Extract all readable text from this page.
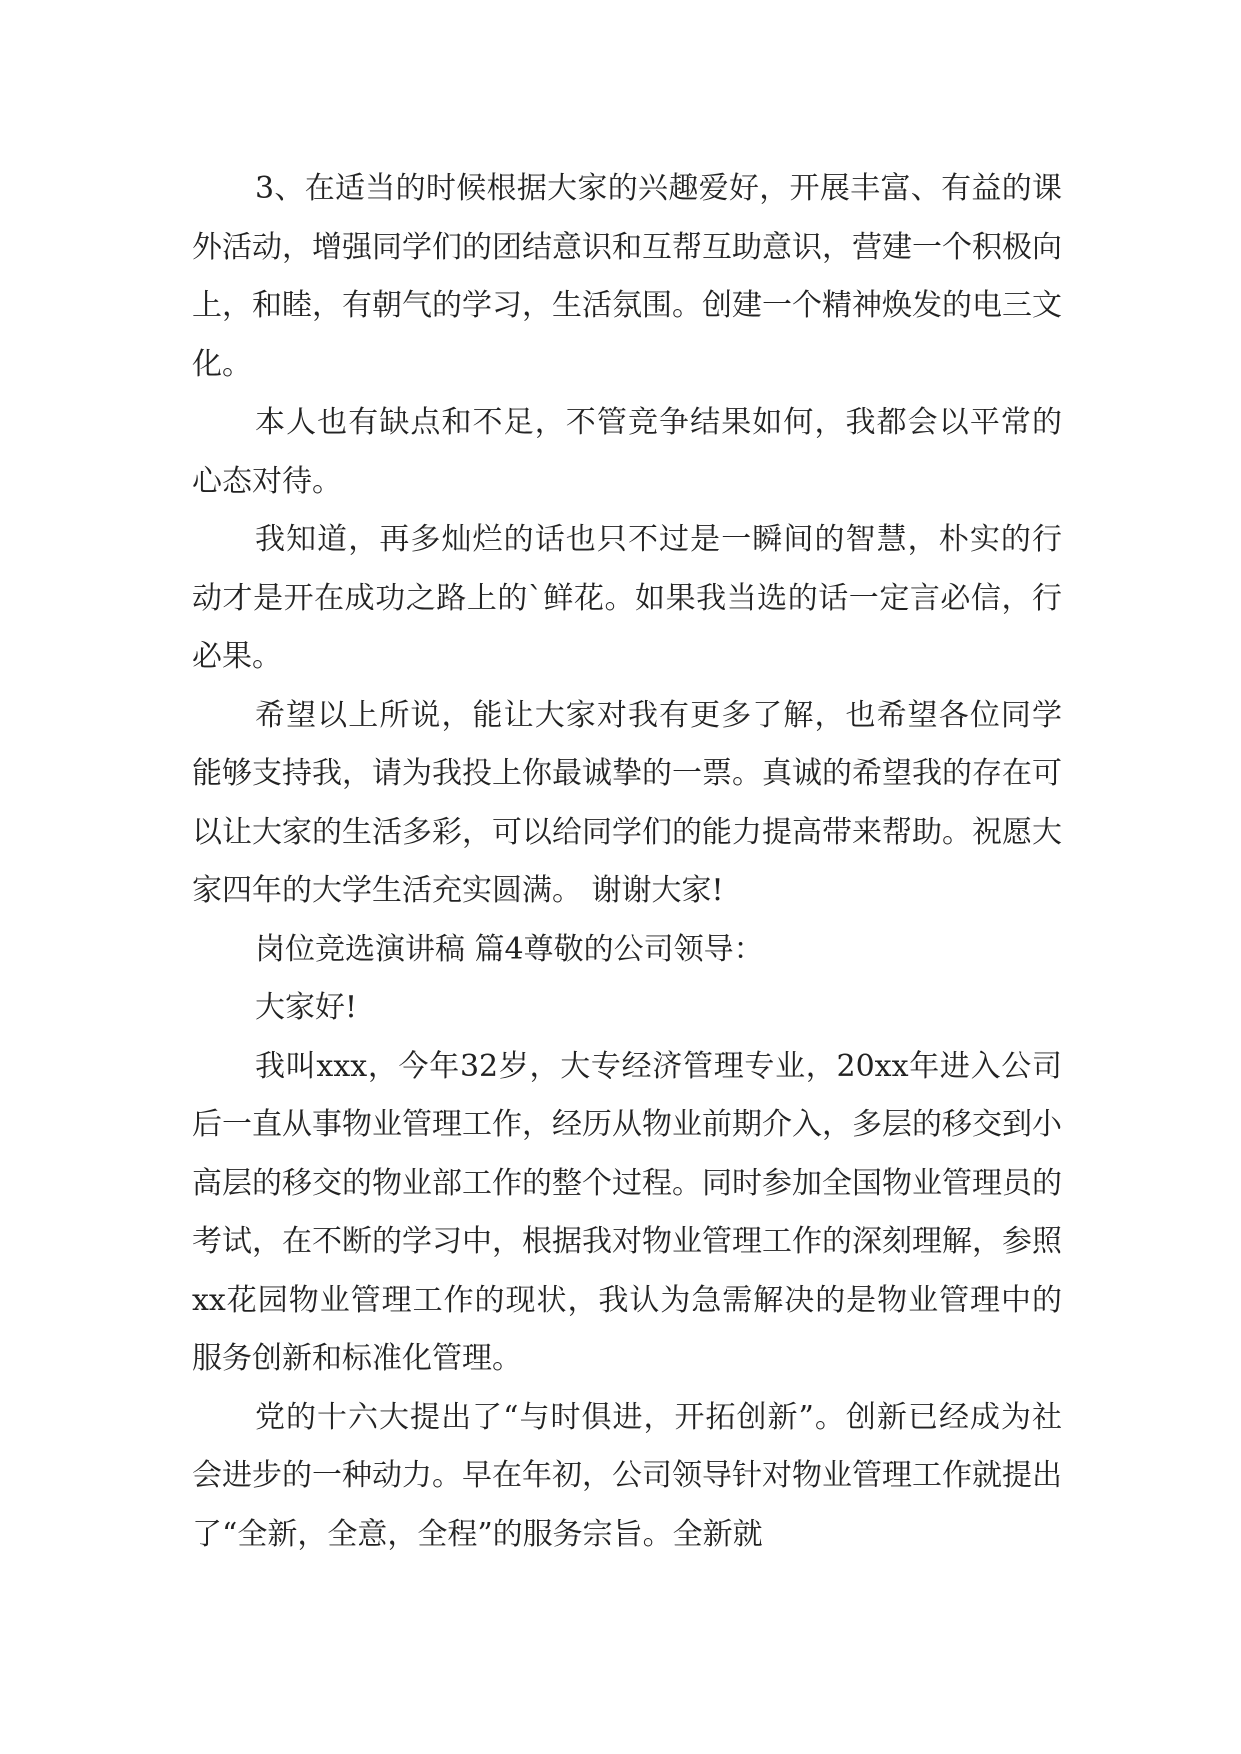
3、在适当的时候根据大家的兴趣爱好，开展丰富、有益的课外活动，增强同学们的团结意识和互帮互助意识，营建一个积极向上，和睦，有朝气的学习，生活氛围。创建一个精神焕发的电三文化。

本人也有缺点和不足，不管竞争结果如何，我都会以平常的心态对待。

我知道，再多灿烂的话也只不过是一瞬间的智慧，朴实的行动才是开在成功之路上的`鲜花。如果我当选的话一定言必信，行必果。

希望以上所说，能让大家对我有更多了解，也希望各位同学能够支持我，请为我投上你最诚挚的一票。真诚的希望我的存在可以让大家的生活多彩，可以给同学们的能力提高带来帮助。祝愿大家四年的大学生活充实圆满。 谢谢大家!

岗位竞选演讲稿 篇4尊敬的公司领导：

大家好!

我叫xxx，今年32岁，大专经济管理专业，20xx年进入公司后一直从事物业管理工作，经历从物业前期介入，多层的移交到小高层的移交的物业部工作的整个过程。同时参加全国物业管理员的考试，在不断的学习中，根据我对物业管理工作的深刻理解，参照xx花园物业管理工作的现状，我认为急需解决的是物业管理中的服务创新和标准化管理。

党的十六大提出了“与时俱进，开拓创新”。创新已经成为社会进步的一种动力。早在年初，公司领导针对物业管理工作就提出了“全新，全意，全程”的服务宗旨。全新就
